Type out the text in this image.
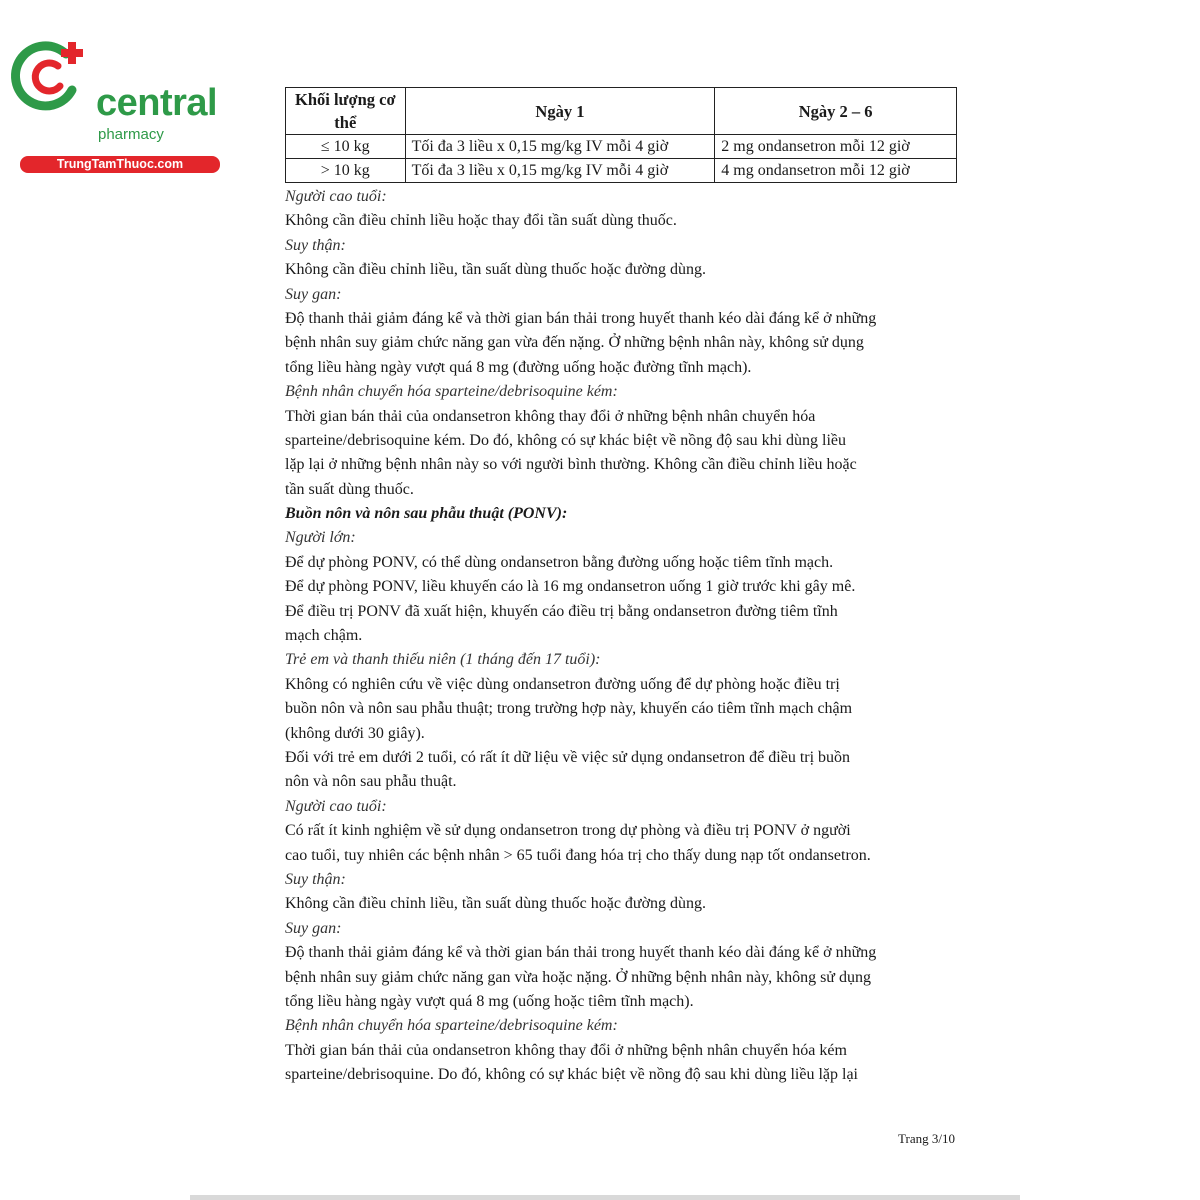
central
pharmacy
TrungTamThuoc.com
Khối lượng cơ thể	Ngày 1	Ngày 2 – 6
≤ 10 kg	Tối đa 3 liều x 0,15 mg/kg IV mỗi 4 giờ	2 mg ondansetron mỗi 12 giờ
> 10 kg	Tối đa 3 liều x 0,15 mg/kg IV mỗi 4 giờ	4 mg ondansetron mỗi 12 giờ
Người cao tuổi:
Không cần điều chỉnh liều hoặc thay đổi tần suất dùng thuốc.
Suy thận:
Không cần điều chỉnh liều, tần suất dùng thuốc hoặc đường dùng.
Suy gan:
Độ thanh thải giảm đáng kể và thời gian bán thải trong huyết thanh kéo dài đáng kể ở những
bệnh nhân suy giảm chức năng gan vừa đến nặng. Ở những bệnh nhân này, không sử dụng
tổng liều hàng ngày vượt quá 8 mg (đường uống hoặc đường tĩnh mạch).
Bệnh nhân chuyển hóa sparteine/debrisoquine kém:
Thời gian bán thải của ondansetron không thay đổi ở những bệnh nhân chuyển hóa
sparteine/debrisoquine kém. Do đó, không có sự khác biệt về nồng độ sau khi dùng liều
lặp lại ở những bệnh nhân này so với người bình thường. Không cần điều chỉnh liều hoặc
tần suất dùng thuốc.
Buồn nôn và nôn sau phẫu thuật (PONV):
Người lớn:
Để dự phòng PONV, có thể dùng ondansetron bằng đường uống hoặc tiêm tĩnh mạch.
Để dự phòng PONV, liều khuyến cáo là 16 mg ondansetron uống 1 giờ trước khi gây mê.
Để điều trị PONV đã xuất hiện, khuyến cáo điều trị bằng ondansetron đường tiêm tĩnh
mạch chậm.
Trẻ em và thanh thiếu niên (1 tháng đến 17 tuổi):
Không có nghiên cứu về việc dùng ondansetron đường uống để dự phòng hoặc điều trị
buồn nôn và nôn sau phẫu thuật; trong trường hợp này, khuyến cáo tiêm tĩnh mạch chậm
(không dưới 30 giây).
Đối với trẻ em dưới 2 tuổi, có rất ít dữ liệu về việc sử dụng ondansetron để điều trị buồn
nôn và nôn sau phẫu thuật.
Người cao tuổi:
Có rất ít kinh nghiệm về sử dụng ondansetron trong dự phòng và điều trị PONV ở người
cao tuổi, tuy nhiên các bệnh nhân > 65 tuổi đang hóa trị cho thấy dung nạp tốt ondansetron.
Suy thận:
Không cần điều chỉnh liều, tần suất dùng thuốc hoặc đường dùng.
Suy gan:
Độ thanh thải giảm đáng kể và thời gian bán thải trong huyết thanh kéo dài đáng kể ở những
bệnh nhân suy giảm chức năng gan vừa hoặc nặng. Ở những bệnh nhân này, không sử dụng
tổng liều hàng ngày vượt quá 8 mg (uống hoặc tiêm tĩnh mạch).
Bệnh nhân chuyển hóa sparteine/debrisoquine kém:
Thời gian bán thải của ondansetron không thay đổi ở những bệnh nhân chuyển hóa kém
sparteine/debrisoquine. Do đó, không có sự khác biệt về nồng độ sau khi dùng liều lặp lại
Trang 3/10
